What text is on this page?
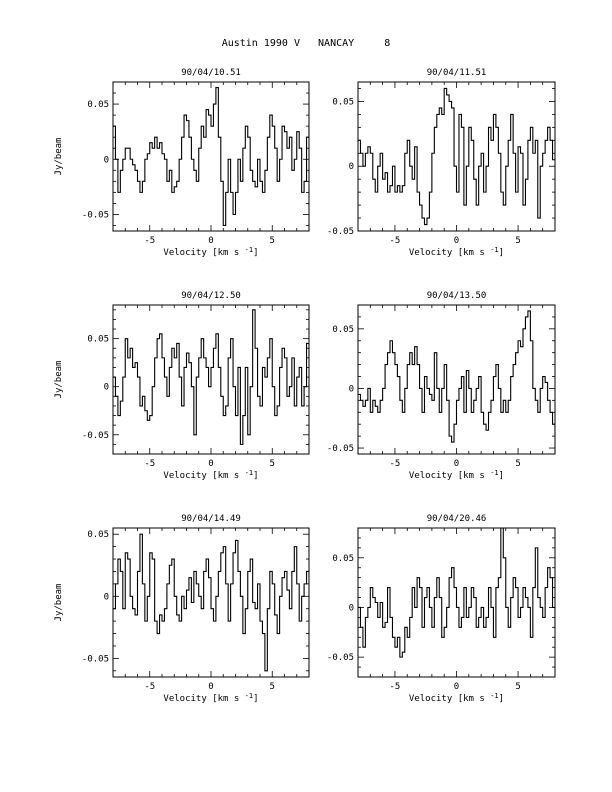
Austin 1990 V   NANCAY     8
90/04/10.51
-5	0	5
-0.05
0
0.05
Velocity [km s $^{-1}$]
Jy/beam
90/04/11.51
-5	0	5
-0.05
0
0.05
Velocity [km s $^{-1}$]
90/04/12.50
-5	0	5
-0.05
0
0.05
Velocity [km s $^{-1}$]
Jy/beam
90/04/13.50
-5	0	5
-0.05
0
0.05
Velocity [km s $^{-1}$]
90/04/14.49
-5	0	5
-0.05
0
0.05
Velocity [km s $^{-1}$]
Jy/beam
90/04/20.46
-5	0	5
-0.05
0
0.05
Velocity [km s $^{-1}$]
